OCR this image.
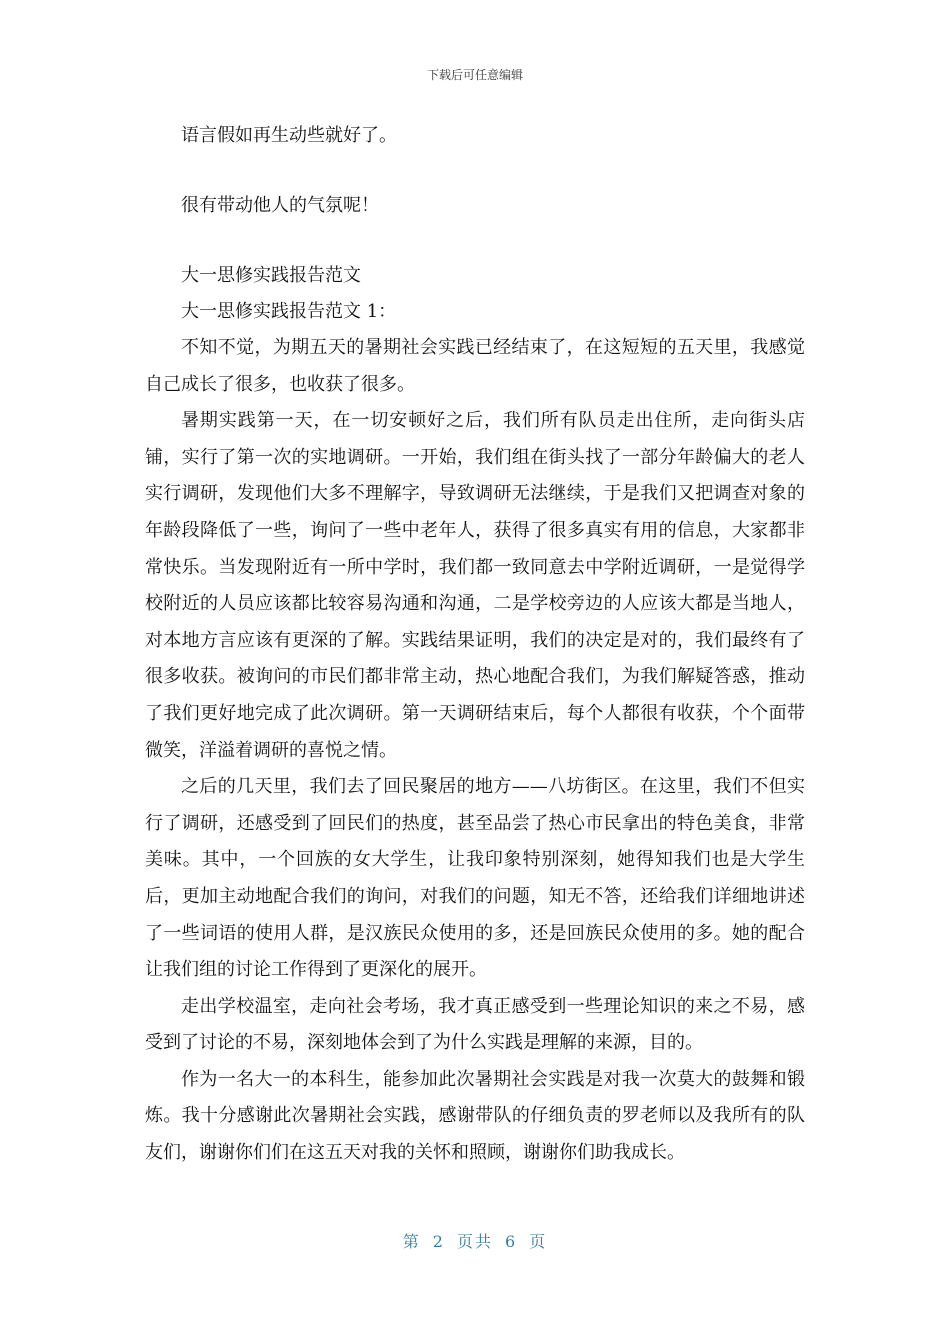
下载后可任意编辑

语言假如再生动些就好了。

很有带动他人的气氛呢！

大一思修实践报告范文

大一思修实践报告范文 1：

不知不觉，为期五天的暑期社会实践已经结束了，在这短短的五天里，我感觉自己成长了很多，也收获了很多。

暑期实践第一天，在一切安顿好之后，我们所有队员走出住所，走向街头店铺，实行了第一次的实地调研。一开始，我们组在街头找了一部分年龄偏大的老人实行调研，发现他们大多不理解字，导致调研无法继续，于是我们又把调查对象的年龄段降低了一些，询问了一些中老年人，获得了很多真实有用的信息，大家都非常快乐。当发现附近有一所中学时，我们都一致同意去中学附近调研，一是觉得学校附近的人员应该都比较容易沟通和沟通，二是学校旁边的人应该大都是当地人，对本地方言应该有更深的了解。实践结果证明，我们的决定是对的，我们最终有了很多收获。被询问的市民们都非常主动，热心地配合我们，为我们解疑答惑，推动了我们更好地完成了此次调研。第一天调研结束后，每个人都很有收获，个个面带微笑，洋溢着调研的喜悦之情。

之后的几天里，我们去了回民聚居的地方——八坊街区。在这里，我们不但实行了调研，还感受到了回民们的热度，甚至品尝了热心市民拿出的特色美食，非常美味。其中，一个回族的女大学生，让我印象特别深刻，她得知我们也是大学生后，更加主动地配合我们的询问，对我们的问题，知无不答，还给我们详细地讲述了一些词语的使用人群，是汉族民众使用的多，还是回族民众使用的多。她的配合让我们组的讨论工作得到了更深化的展开。

走出学校温室，走向社会考场，我才真正感受到一些理论知识的来之不易，感受到了讨论的不易，深刻地体会到了为什么实践是理解的来源，目的。

作为一名大一的本科生，能参加此次暑期社会实践是对我一次莫大的鼓舞和锻炼。我十分感谢此次暑期社会实践，感谢带队的仔细负责的罗老师以及我所有的队友们，谢谢你们们在这五天对我的关怀和照顾，谢谢你们助我成长。

第 2 页共 6 页
